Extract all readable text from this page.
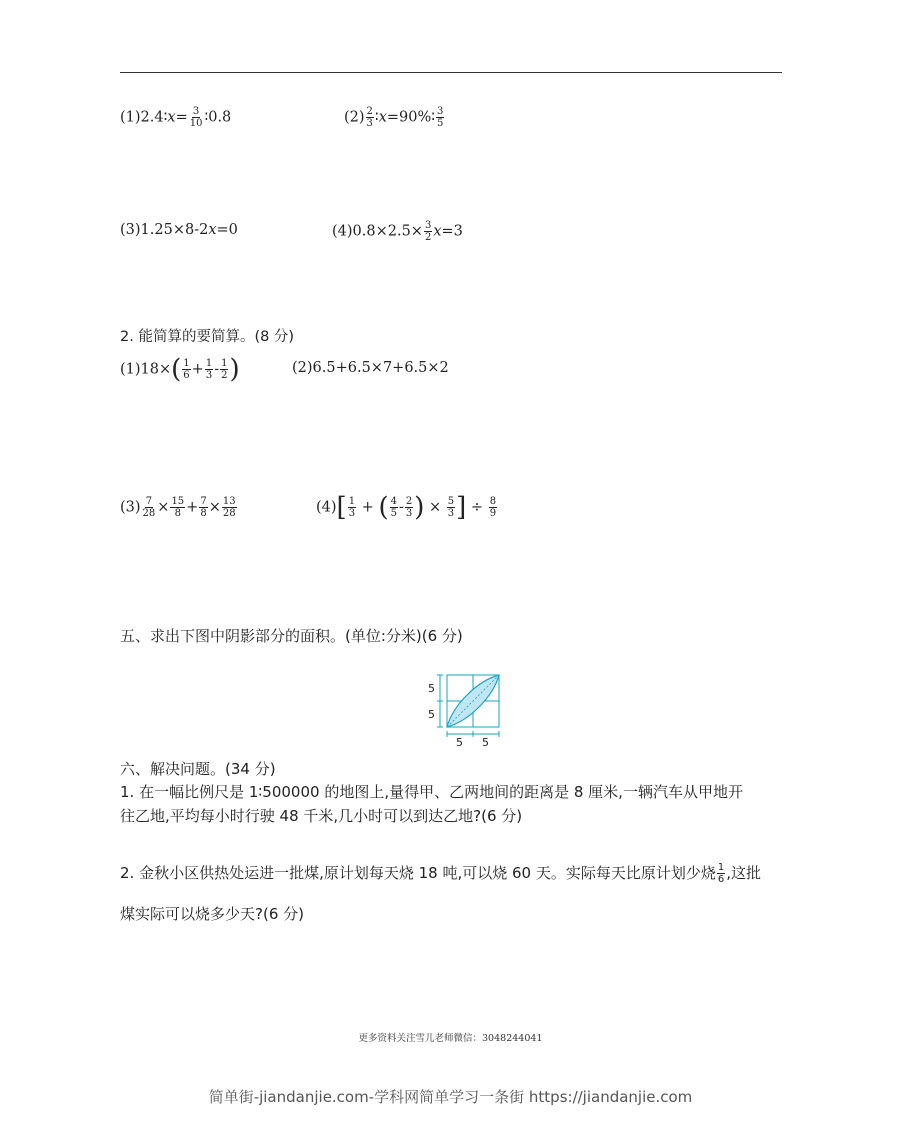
(1)2.4∶x= $\frac{3}{10}$ ∶0.8	$(2) \frac{2}{3}$ ∶x=90%∶ $\frac{3}{5}$
(3)1.25×8-2x=0	$(4)0.8\times 2.5\times \frac{3}{2} x=3$
2. 能简算的要简算。(8 分)
$(1)18\times( \frac{1}{6} + \frac{1}{3} - \frac{1}{2}$ )	(2)6.5+6.5×7+6.5×2
$(3) \frac{7}{28} \times \frac{15}{8} + \frac{7}{8} \times \frac{13}{28}$	$(4)[ \frac{1}{3}$ + ( $\frac{4}{5} - \frac{2}{3}$ ) × $\frac{5}{3}$ ] ÷ $\frac{8}{9}$
五、求出下图中阴影部分的面积。(单位:分米)(6 分)
5
5
5 5
六、解决问题。(34 分)
1. 在一幅比例尺是 1∶500000 的地图上,量得甲、乙两地间的距离是 8 厘米,一辆汽车从甲地开
往乙地,平均每小时行驶 48 千米,几小时可以到达乙地?(6 分)
2. 金秋小区供热处运进一批煤,原计划每天烧 18 吨,可以烧 60 天。实际每天比原计划少烧 $\frac{1}{6}$ ,这批
煤实际可以烧多少天?(6 分)
更多资料关注雪儿老师微信：3048244041
简单街-jiandanjie.com-学科网简单学习一条街 https://jiandanjie.com
